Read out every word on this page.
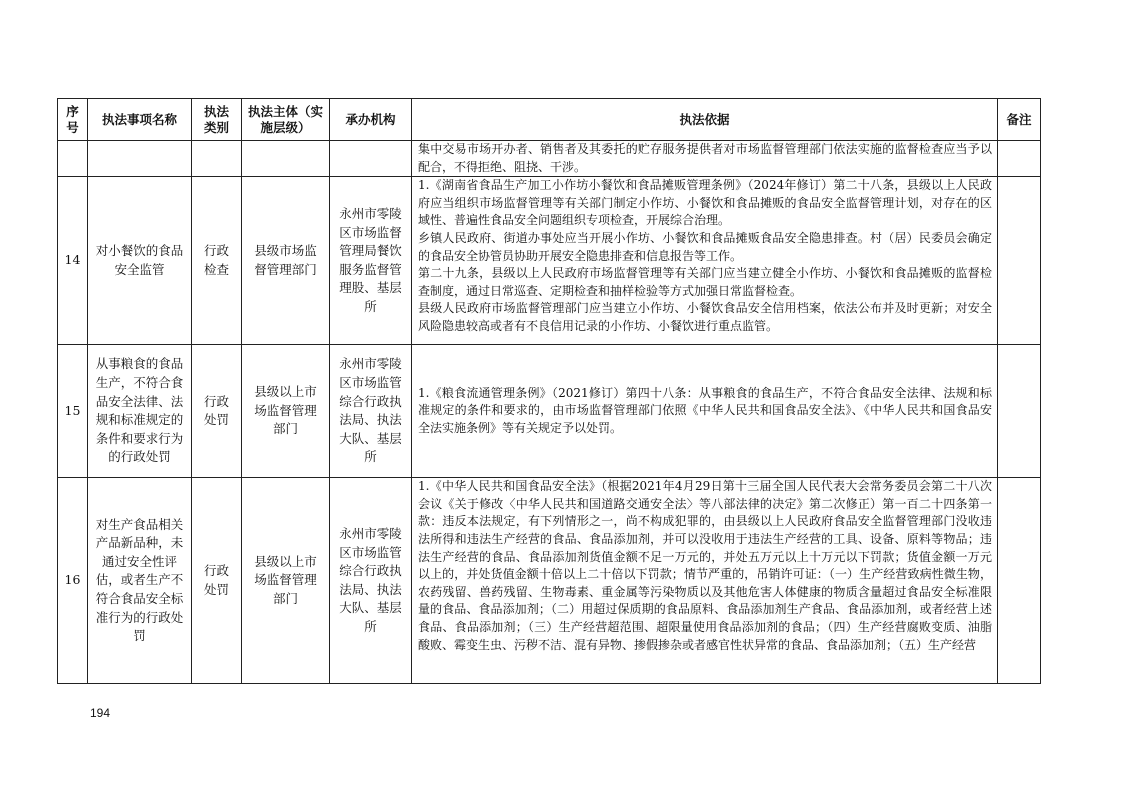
序号	执法事项名称	执法类别	执法主体（实施层级）	承办机构	执法依据	备注
					集中交易市场开办者、销售者及其委托的贮存服务提供者对市场监督管理部门依法实施的监督检查应当予以配合，不得拒绝、阻挠、干涉。	
14	对小餐饮的食品安全监管	行政检查	县级市场监督管理部门	永州市零陵区市场监督管理局餐饮服务监督管理股、基层所	1.《湖南省食品生产加工小作坊小餐饮和食品摊贩管理条例》（2024年修订）第二十八条，县级以上人民政府应当组织市场监督管理等有关部门制定小作坊、小餐饮和食品摊贩的食品安全监督管理计划，对存在的区域性、普遍性食品安全问题组织专项检查，开展综合治理。
乡镇人民政府、街道办事处应当开展小作坊、小餐饮和食品摊贩食品安全隐患排查。村（居）民委员会确定的食品安全协管员协助开展安全隐患排查和信息报告等工作。
第二十九条，县级以上人民政府市场监督管理等有关部门应当建立健全小作坊、小餐饮和食品摊贩的监督检查制度，通过日常巡查、定期检查和抽样检验等方式加强日常监督检查。
县级人民政府市场监督管理部门应当建立小作坊、小餐饮食品安全信用档案，依法公布并及时更新；对安全风险隐患较高或者有不良信用记录的小作坊、小餐饮进行重点监管。	
15	从事粮食的食品生产，不符合食品安全法律、法规和标准规定的条件和要求行为的行政处罚	行政处罚	县级以上市场监督管理部门	永州市零陵区市场监管综合行政执法局、执法大队、基层所	1.《粮食流通管理条例》（2021修订）第四十八条：从事粮食的食品生产，不符合食品安全法律、法规和标准规定的条件和要求的，由市场监督管理部门依照《中华人民共和国食品安全法》、《中华人民共和国食品安全法实施条例》等有关规定予以处罚。	
16	对生产食品相关产品新品种，未通过安全性评估，或者生产不符合食品安全标准行为的行政处罚	行政处罚	县级以上市场监督管理部门	永州市零陵区市场监管综合行政执法局、执法大队、基层所	1.《中华人民共和国食品安全法》（根据2021年4月29日第十三届全国人民代表大会常务委员会第二十八次会议《关于修改〈中华人民共和国道路交通安全法〉等八部法律的决定》第二次修正）第一百二十四条第一款：违反本法规定，有下列情形之一，尚不构成犯罪的，由县级以上人民政府食品安全监督管理部门没收违法所得和违法生产经营的食品、食品添加剂，并可以没收用于违法生产经营的工具、设备、原料等物品；违法生产经营的食品、食品添加剂货值金额不足一万元的，并处五万元以上十万元以下罚款；货值金额一万元以上的，并处货值金额十倍以上二十倍以下罚款；情节严重的，吊销许可证：（一）生产经营致病性微生物，农药残留、兽药残留、生物毒素、重金属等污染物质以及其他危害人体健康的物质含量超过食品安全标准限量的食品、食品添加剂；（二）用超过保质期的食品原料、食品添加剂生产食品、食品添加剂，或者经营上述食品、食品添加剂；（三）生产经营超范围、超限量使用食品添加剂的食品；（四）生产经营腐败变质、油脂酸败、霉变生虫、污秽不洁、混有异物、掺假掺杂或者感官性状异常的食品、食品添加剂；（五）生产经营	

194
